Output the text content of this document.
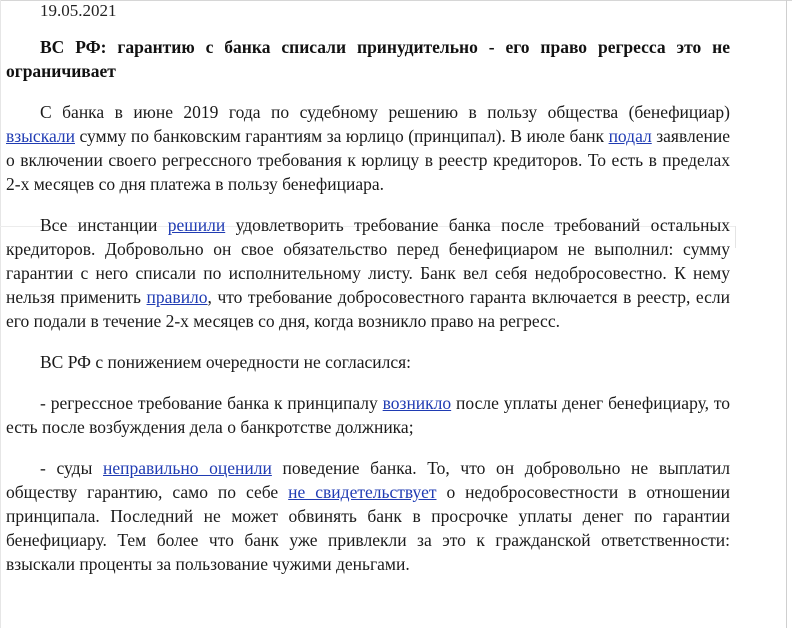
19.05.2021
ВС РФ: гарантию с банка списали принудительно - его право регресса это не ограничивает

С банка в июне 2019 года по судебному решению в пользу общества (бенефициар) взыскали сумму по банковским гарантиям за юрлицо (принципал). В июле банк подал заявление о включении своего регрессного требования к юрлицу в реестр кредиторов. То есть в пределах 2-х месяцев со дня платежа в пользу бенефициара.

Все инстанции решили удовлетворить требование банка после требований остальных кредиторов. Добровольно он свое обязательство перед бенефициаром не выполнил: сумму гарантии с него списали по исполнительному листу. Банк вел себя недобросовестно. К нему нельзя применить правило, что требование добросовестного гаранта включается в реестр, если его подали в течение 2-х месяцев со дня, когда возникло право на регресс.

ВС РФ с понижением очередности не согласился:

- регрессное требование банка к принципалу возникло после уплаты денег бенефициару, то есть после возбуждения дела о банкротстве должника;

- суды неправильно оценили поведение банка. То, что он добровольно не выплатил обществу гарантию, само по себе не свидетельствует о недобросовестности в отношении принципала. Последний не может обвинять банк в просрочке уплаты денег по гарантии бенефициару. Тем более что банк уже привлекли за это к гражданской ответственности: взыскали проценты за пользование чужими деньгами.
